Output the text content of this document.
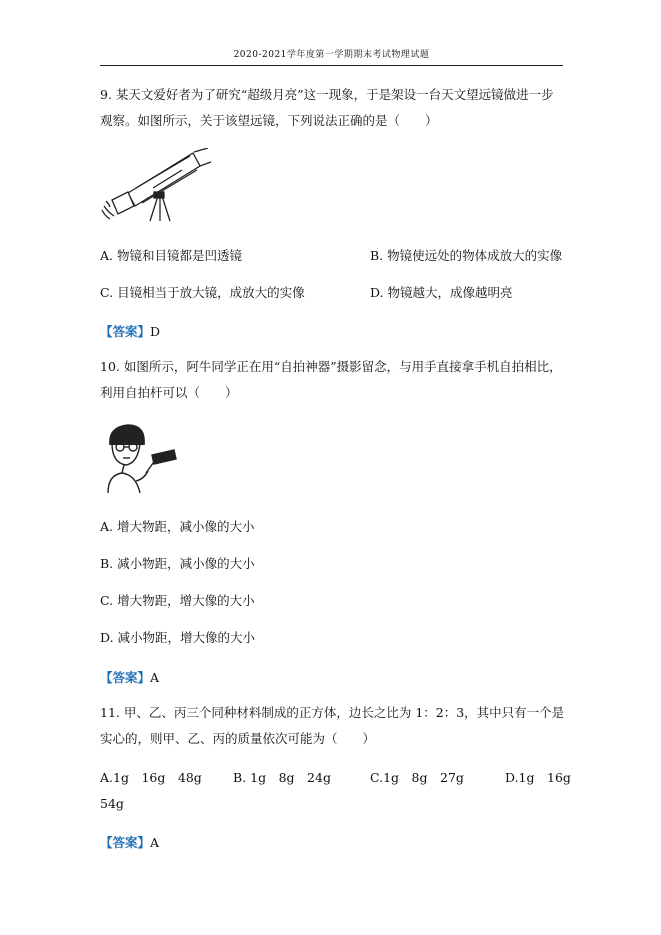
2020-2021学年度第一学期期末考试物理试题
9. 某天文爱好者为了研究“超级月亮”这一现象，于是架设一台天文望远镜做进一步观察。如图所示，关于该望远镜，下列说法正确的是（　　）
A. 物镜和目镜都是凹透镜	B. 物镜使远处的物体成放大的实像
C. 目镜相当于放大镜，成放大的实像	D. 物镜越大，成像越明亮
【答案】D
10. 如图所示，阿牛同学正在用“自拍神器”摄影留念，与用手直接拿手机自拍相比，利用自拍杆可以（　　）
A. 增大物距，减小像的大小
B. 减小物距，减小像的大小
C. 增大物距，增大像的大小
D. 减小物距，增大像的大小
【答案】A
11. 甲、乙、丙三个同种材料制成的正方体，边长之比为 1：2：3，其中只有一个是实心的，则甲、乙、丙的质量依次可能为（　　）
A.1g　16g　48g B. 1g　8g　24g	C.1g　8g　27g	D.1g　16g
54g
【答案】A
